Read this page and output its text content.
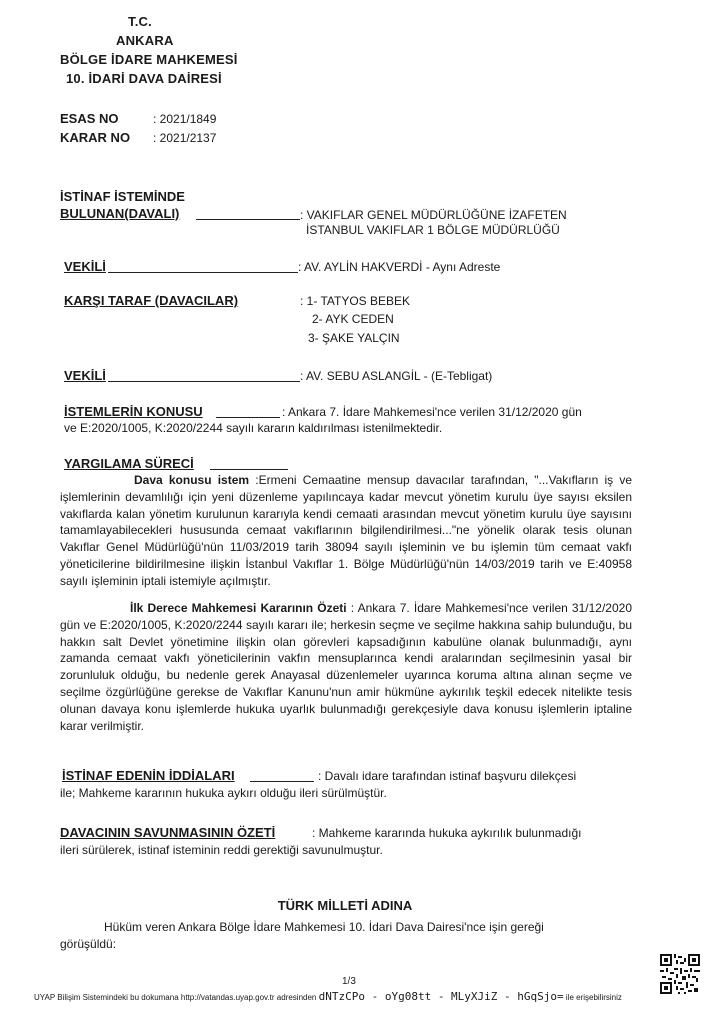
T.C.
ANKARA
BÖLGE İDARE MAHKEMESİ
10. İDARİ DAVA DAİRESİ
ESAS NO	: 2021/1849
KARAR NO : 2021/2137
İSTİNAF İSTEMİNDE
BULUNAN(DAVALI)	: VAKIFLAR GENEL MÜDÜRLÜĞÜNE İZAFETEN
İSTANBUL VAKIFLAR 1 BÖLGE MÜDÜRLÜĞÜ
VEKİLİ	: AV. AYLİN HAKVERDİ - Aynı Adreste
KARŞI TARAF (DAVACILAR)	: 1- TATYOS BEBEK
2- AYK CEDEN
3- ŞAKE YALÇIN
VEKİLİ	: AV. SEBU ASLANGİL - (E-Tebligat)
İSTEMLERİN KONUSU	: Ankara 7. İdare Mahkemesi'nce verilen 31/12/2020 gün
ve E:2020/1005, K:2020/2244 sayılı kararın kaldırılması istenilmektedir.
YARGILAMA SÜRECİ
Dava konusu istem :Ermeni Cemaatine mensup davacılar tarafından, "...Vakıfların iş ve işlemlerinin devamlılığı için yeni düzenleme yapılıncaya kadar mevcut yönetim kurulu üye sayısı eksilen vakıflarda kalan yönetim kurulunun kararıyla kendi cemaati arasından mevcut yönetim kurulu üye sayısını tamamlayabilecekleri hususunda cemaat vakıflarının bilgilendirilmesi..."ne yönelik olarak tesis olunan Vakıflar Genel Müdürlüğü'nün 11/03/2019 tarih 38094 sayılı işleminin ve bu işlemin tüm cemaat vakfı yöneticilerine bildirilmesine ilişkin İstanbul Vakıflar 1. Bölge Müdürlüğü'nün 14/03/2019 tarih ve E:40958 sayılı işleminin iptali istemiyle açılmıştır.
İlk Derece Mahkemesi Kararının Özeti : Ankara 7. İdare Mahkemesi'nce verilen 31/12/2020 gün ve E:2020/1005, K:2020/2244 sayılı kararı ile; herkesin seçme ve seçilme hakkına sahip bulunduğu, bu hakkın salt Devlet yönetimine ilişkin olan görevleri kapsadığının kabulüne olanak bulunmadığı, aynı zamanda cemaat vakfı yöneticilerinin vakfın mensuplarınca kendi aralarından seçilmesinin yasal bir zorunluluk olduğu, bu nedenle gerek Anayasal düzenlemeler uyarınca koruma altına alınan seçme ve seçilme özgürlüğüne gerekse de Vakıflar Kanunu'nun amir hükmüne aykırılık teşkil edecek nitelikte tesis olunan davaya konu işlemlerde hukuka uyarlık bulunmadığı gerekçesiyle dava konusu işlemlerin iptaline karar verilmiştir.
İSTİNAF EDENİN İDDİALARI	: Davalı idare tarafından istinaf başvuru dilekçesi
ile; Mahkeme kararının hukuka aykırı olduğu ileri sürülmüştür.
DAVACININ SAVUNMASININ ÖZETİ	: Mahkeme kararında hukuka aykırılık bulunmadığı
ileri sürülerek, istinaf isteminin reddi gerektiği savunulmuştur.
TÜRK MİLLETİ ADINA
Hüküm veren Ankara Bölge İdare Mahkemesi 10. İdari Dava Dairesi'nce işin gereği
görüşüldü:
1/3
UYAP Bilişim Sistemindeki bu dokumana http://vatandas.uyap.gov.tr adresinden dNTzCPo - oYg08tt - MLyXJiZ - hGqSjo= ile erişebilirsiniz
